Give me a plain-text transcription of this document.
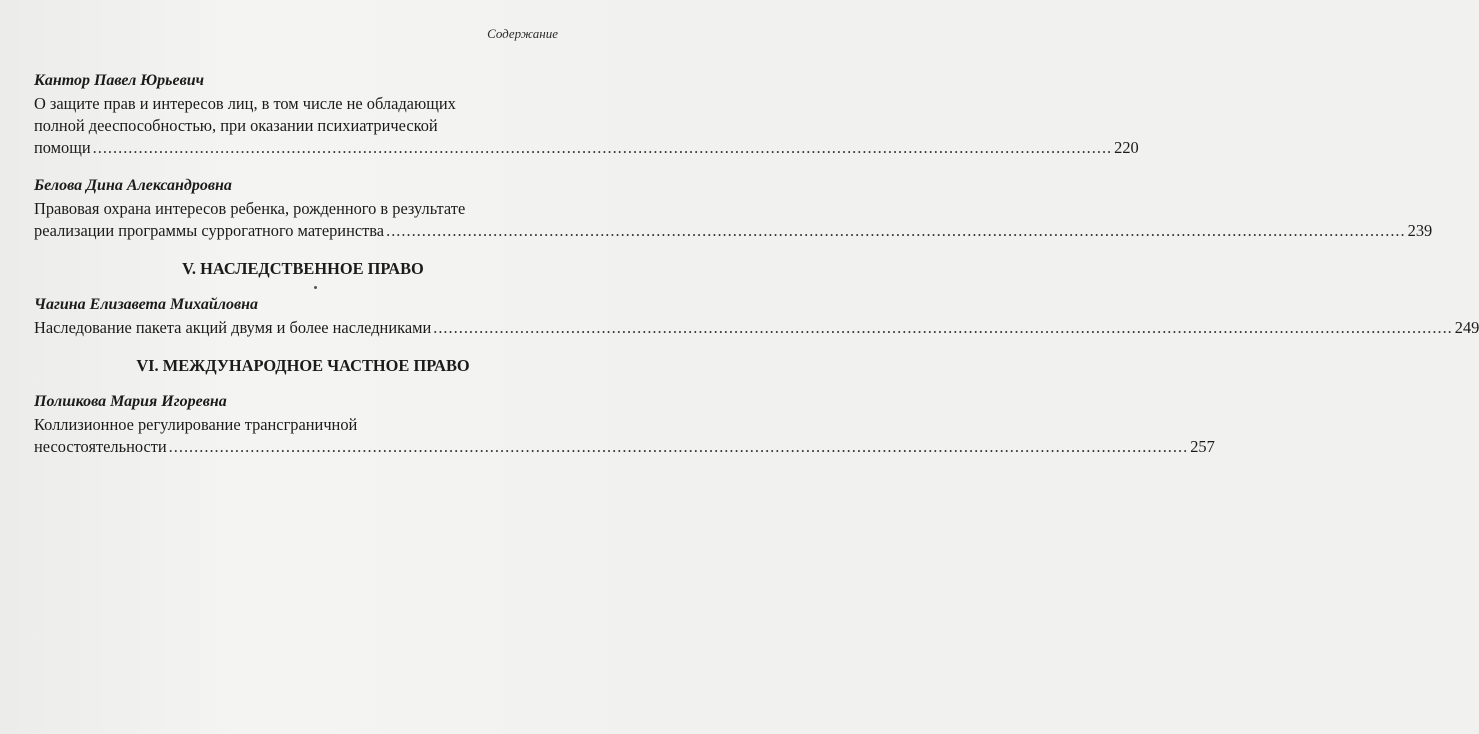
Содержание
Кантор Павел Юрьевич
О защите прав и интересов лиц, в том числе не обладающих
полной дееспособностью, при оказании психиатрической
помощи ........................................................................................................................................................................................................ 220
Белова Дина Александровна
Правовая охрана интересов ребенка, рожденного в результате
реализации программы суррогатного материнства ........................................................................................................................................................................................................ 239
V. НАСЛЕДСТВЕННОЕ ПРАВО
Чагина Елизавета Михайловна
Наследование пакета акций двумя и более наследниками ........................................................................................................................................................................................................ 249
VI. МЕЖДУНАРОДНОЕ ЧАСТНОЕ ПРАВО
Полшкова Мария Игоревна
Коллизионное регулирование трансграничной
несостоятельности ........................................................................................................................................................................................................ 257
